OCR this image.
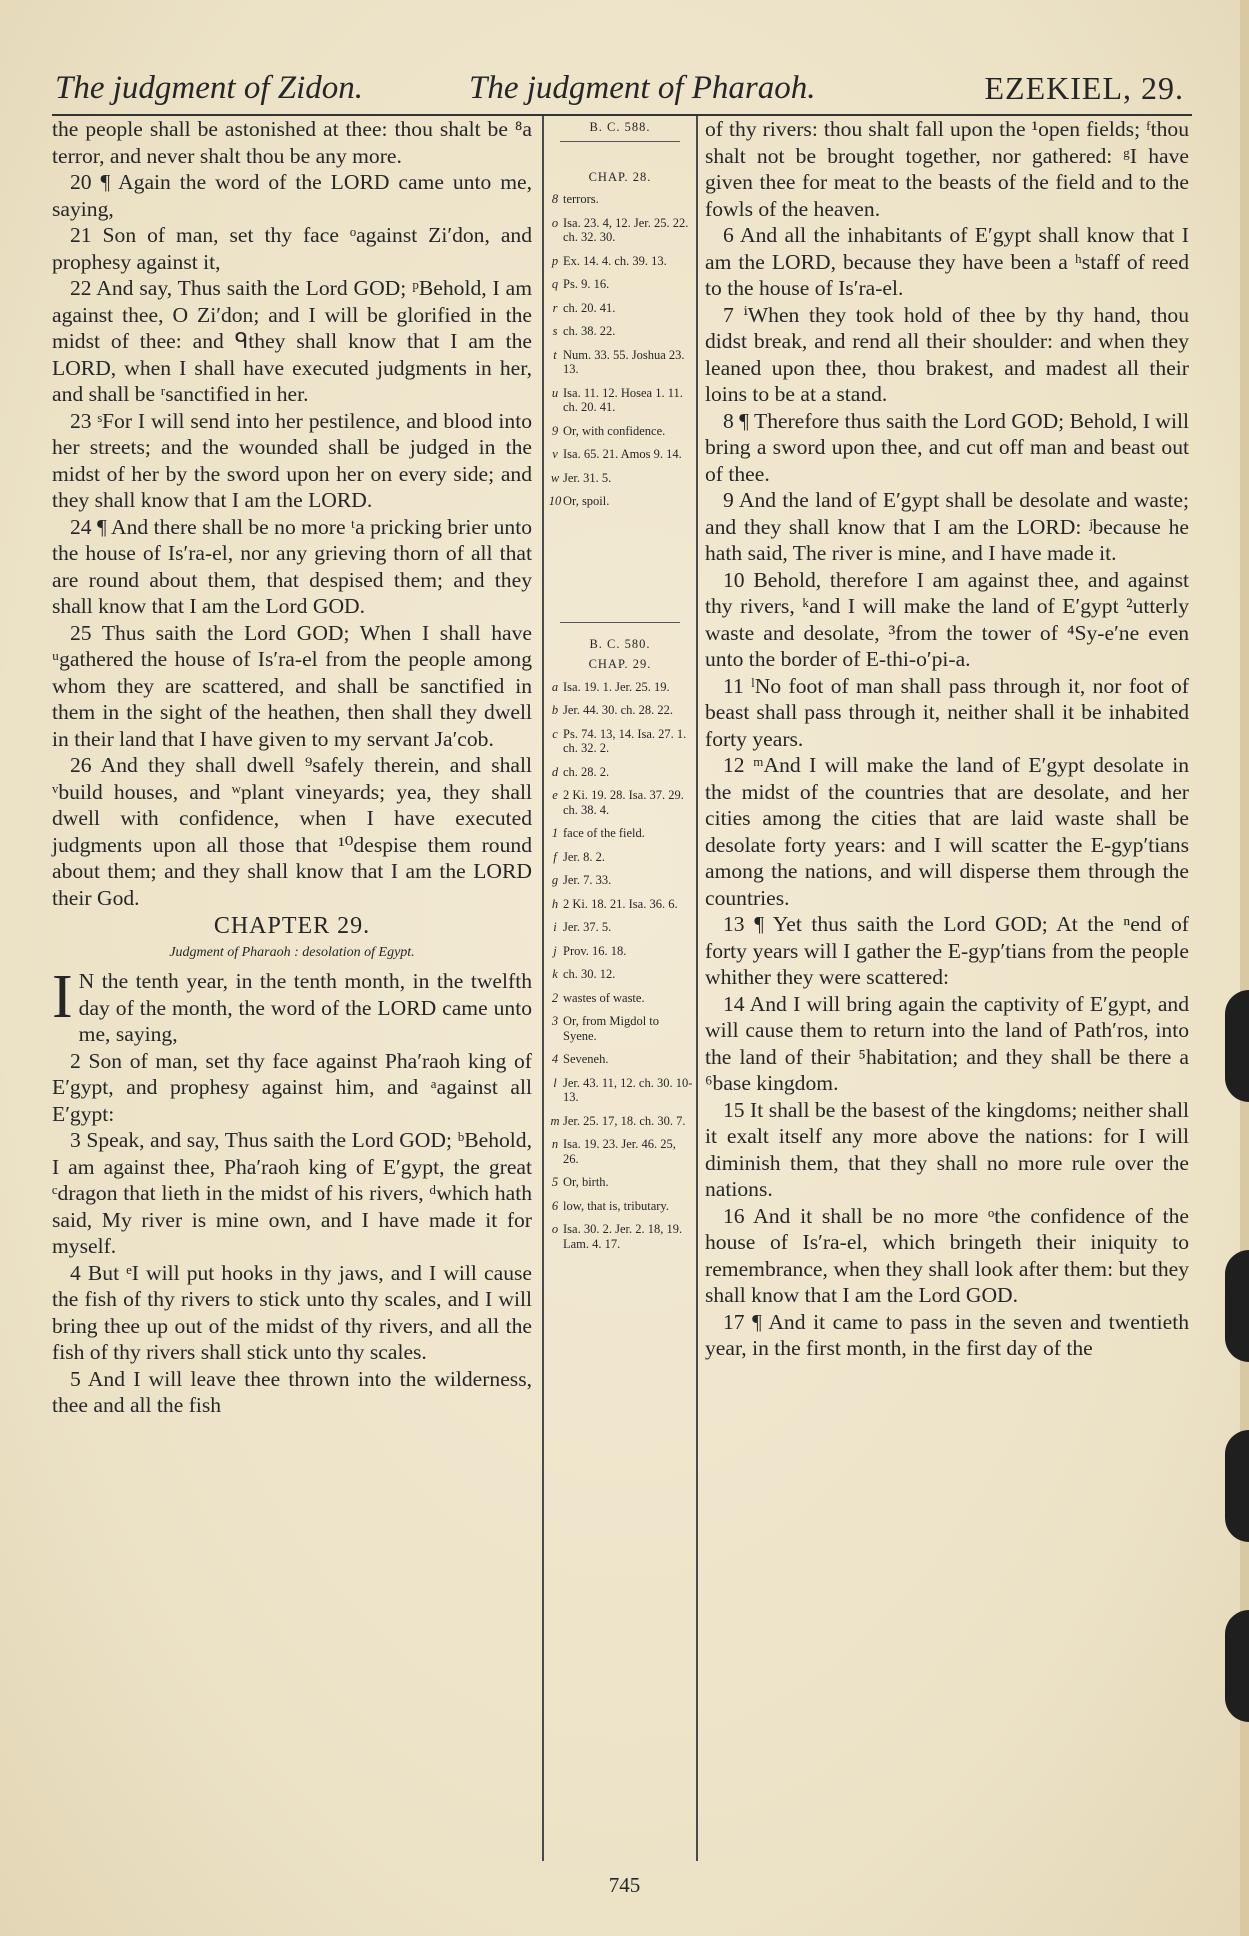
The judgment of Zidon.	The judgment of Pharaoh.	EZEKIEL, 29.

the people shall be astonished at thee: thou shalt be ⁸a terror, and never shalt thou be any more.

20 ¶ Again the word of the LORD came unto me, saying,

21 Son of man, set thy face ᵒagainst Zi′don, and prophesy against it,

22 And say, Thus saith the Lord GOD; ᵖBehold, I am against thee, O Zi′don; and I will be glorified in the midst of thee: and ᑫthey shall know that I am the LORD, when I shall have executed judgments in her, and shall be ʳsanctified in her.

23 ˢFor I will send into her pestilence, and blood into her streets; and the wounded shall be judged in the midst of her by the sword upon her on every side; and they shall know that I am the LORD.

24 ¶ And there shall be no more ᵗa pricking brier unto the house of Is′ra-el, nor any grieving thorn of all that are round about them, that despised them; and they shall know that I am the Lord GOD.

25 Thus saith the Lord GOD; When I shall have ᵘgathered the house of Is′ra-el from the people among whom they are scattered, and shall be sanctified in them in the sight of the heathen, then shall they dwell in their land that I have given to my servant Ja′cob.

26 And they shall dwell ⁹safely therein, and shall ᵛbuild houses, and ʷplant vineyards; yea, they shall dwell with confidence, when I have executed judgments upon all those that ¹⁰despise them round about them; and they shall know that I am the LORD their God.

CHAPTER 29.
Judgment of Pharaoh : desolation of Egypt.

I N the tenth year, in the tenth month, in the twelfth day of the month, the word of the LORD came unto me, saying,

2 Son of man, set thy face against Pha′raoh king of E′gypt, and prophesy against him, and ᵃagainst all E′gypt:

3 Speak, and say, Thus saith the Lord GOD; ᵇBehold, I am against thee, Pha′raoh king of E′gypt, the great ᶜdragon that lieth in the midst of his rivers, ᵈwhich hath said, My river is mine own, and I have made it for myself.

4 But ᵉI will put hooks in thy jaws, and I will cause the fish of thy rivers to stick unto thy scales, and I will bring thee up out of the midst of thy rivers, and all the fish of thy rivers shall stick unto thy scales.

5 And I will leave thee thrown into the wilderness, thee and all the fish

B. C. 588.
CHAP. 28.
8 terrors.
o Isa. 23. 4, 12. Jer. 25. 22. ch. 32. 30.
p Ex. 14. 4. ch. 39. 13.
q Ps. 9. 16.
r ch. 20. 41.
s ch. 38. 22.
t Num. 33. 55. Joshua 23. 13.
u Isa. 11. 12. Hosea 1. 11. ch. 20. 41.
9 Or, with confidence.
v Isa. 65. 21. Amos 9. 14.
w Jer. 31. 5.
10 Or, spoil.
B. C. 580.
CHAP. 29.
a Isa. 19. 1. Jer. 25. 19.
b Jer. 44. 30. ch. 28. 22.
c Ps. 74. 13, 14. Isa. 27. 1. ch. 32. 2.
d ch. 28. 2.
e 2 Ki. 19. 28. Isa. 37. 29. ch. 38. 4.
1 face of the field.
f Jer. 8. 2.
g Jer. 7. 33.
h 2 Ki. 18. 21. Isa. 36. 6.
i Jer. 37. 5.
j Prov. 16. 18.
k ch. 30. 12.
2 wastes of waste.
3 Or, from Migdol to Syene.
4 Seveneh.
l Jer. 43. 11, 12. ch. 30. 10-13.
m Jer. 25. 17, 18. ch. 30. 7.
n Isa. 19. 23. Jer. 46. 25, 26.
5 Or, birth.
6 low, that is, tributary.
o Isa. 30. 2. Jer. 2. 18, 19. Lam. 4. 17.

of thy rivers: thou shalt fall upon the ¹open fields; ᶠthou shalt not be brought together, nor gathered: ᵍI have given thee for meat to the beasts of the field and to the fowls of the heaven.

6 And all the inhabitants of E′gypt shall know that I am the LORD, because they have been a ʰstaff of reed to the house of Is′ra-el.

7 ⁱWhen they took hold of thee by thy hand, thou didst break, and rend all their shoulder: and when they leaned upon thee, thou brakest, and madest all their loins to be at a stand.

8 ¶ Therefore thus saith the Lord GOD; Behold, I will bring a sword upon thee, and cut off man and beast out of thee.

9 And the land of E′gypt shall be desolate and waste; and they shall know that I am the LORD: ʲbecause he hath said, The river is mine, and I have made it.

10 Behold, therefore I am against thee, and against thy rivers, ᵏand I will make the land of E′gypt ²utterly waste and desolate, ³from the tower of ⁴Sy-e′ne even unto the border of E-thi-o′pi-a.

11 ˡNo foot of man shall pass through it, nor foot of beast shall pass through it, neither shall it be inhabited forty years.

12 ᵐAnd I will make the land of E′gypt desolate in the midst of the countries that are desolate, and her cities among the cities that are laid waste shall be desolate forty years: and I will scatter the E-gyp′tians among the nations, and will disperse them through the countries.

13 ¶ Yet thus saith the Lord GOD; At the ⁿend of forty years will I gather the E-gyp′tians from the people whither they were scattered:

14 And I will bring again the captivity of E′gypt, and will cause them to return into the land of Path′ros, into the land of their ⁵habitation; and they shall be there a ⁶base kingdom.

15 It shall be the basest of the kingdoms; neither shall it exalt itself any more above the nations: for I will diminish them, that they shall no more rule over the nations.

16 And it shall be no more ᵒthe confidence of the house of Is′ra-el, which bringeth their iniquity to remembrance, when they shall look after them: but they shall know that I am the Lord GOD.

17 ¶ And it came to pass in the seven and twentieth year, in the first month, in the first day of the

745
